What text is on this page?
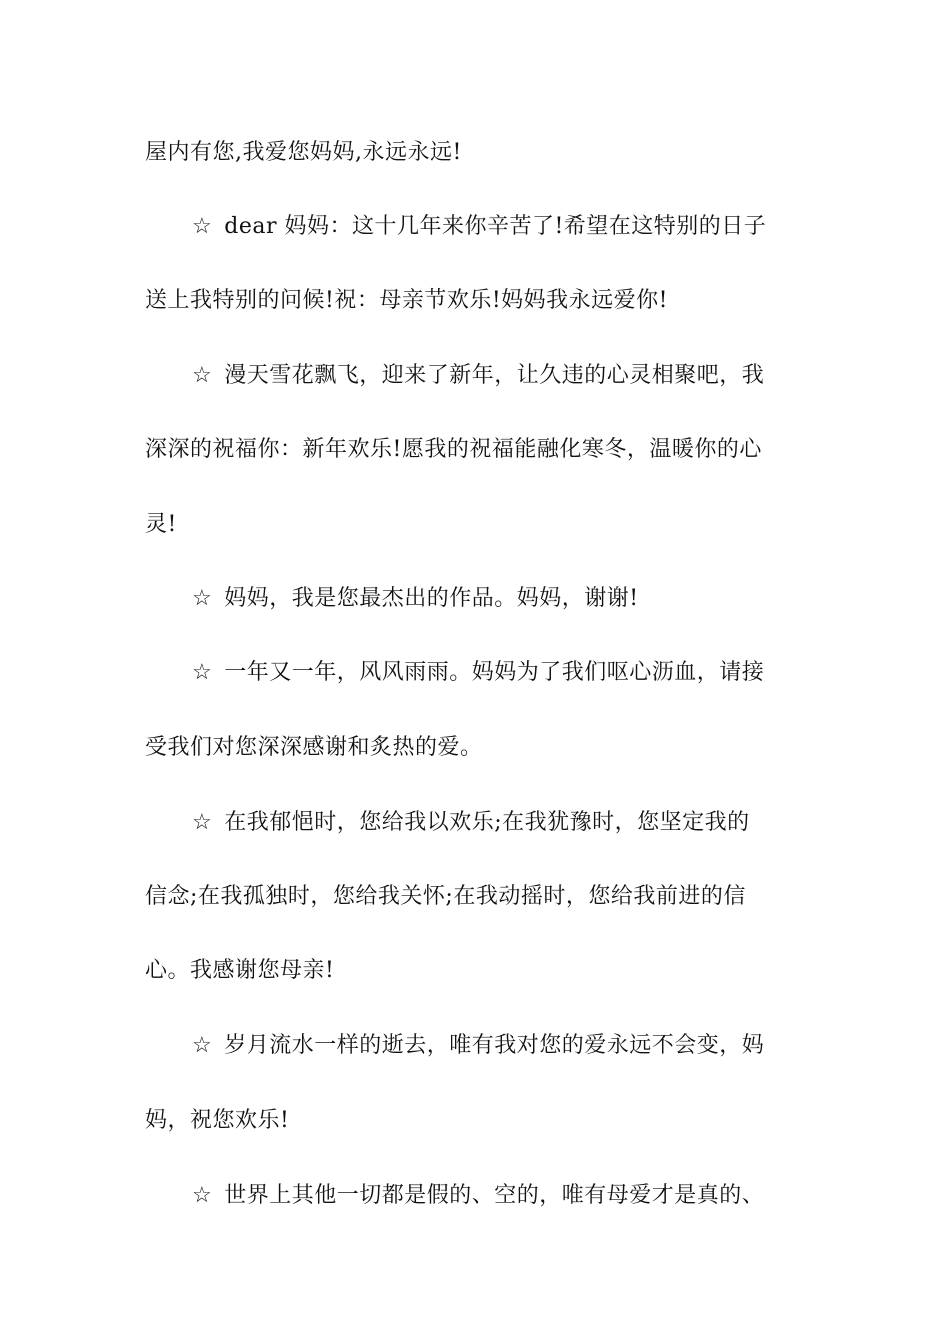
屋内有您,我爱您妈妈,永远永远!
☆ dear 妈妈：这十几年来你辛苦了!希望在这特别的日子
送上我特别的问候!祝：母亲节欢乐!妈妈我永远爱你!
☆ 漫天雪花飘飞，迎来了新年，让久违的心灵相聚吧，我
深深的祝福你：新年欢乐!愿我的祝福能融化寒冬，温暖你的心
灵!
☆ 妈妈，我是您最杰出的作品。妈妈，谢谢!
☆ 一年又一年，风风雨雨。妈妈为了我们呕心沥血，请接
受我们对您深深感谢和炙热的爱。
☆ 在我郁悒时，您给我以欢乐;在我犹豫时，您坚定我的
信念;在我孤独时，您给我关怀;在我动摇时，您给我前进的信
心。我感谢您母亲!
☆ 岁月流水一样的逝去，唯有我对您的爱永远不会变，妈
妈，祝您欢乐!
☆ 世界上其他一切都是假的、空的，唯有母爱才是真的、
